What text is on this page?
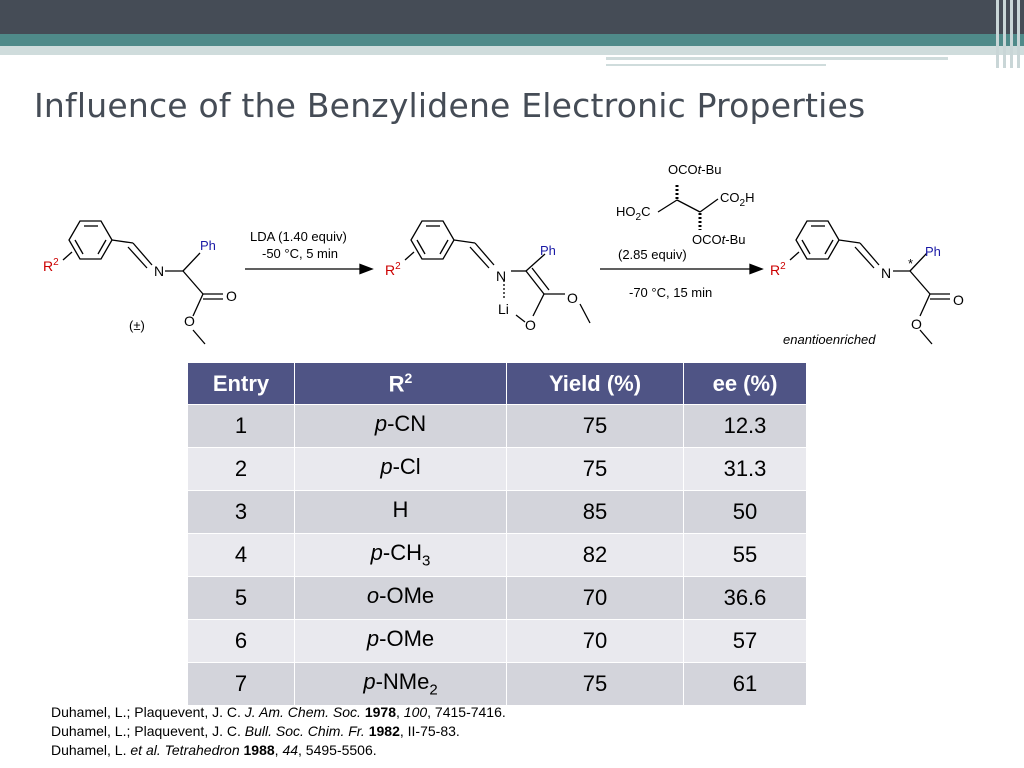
Influence of the Benzylidene Electronic Properties
$R^2$
Ph
N
O
O
(±)
LDA (1.40 equiv)
-50 °C, 5 min
$R^2$
Ph
N
O
Li
O
OCOt-Bu
$CO_2H$
$HO_2C$
OCOt-Bu
(2.85 equiv)
-70 °C, 15 min
$R^2$
Ph
N
*
O
O
enantioenriched
Entry	$R^2$	Yield (%)	ee (%)
1	p-CN	75	12.3
2	p-Cl	75	31.3
3	H	85	50
4	$p-CH_3$	82	55
5	o-OMe	70	36.6
6	p-OMe	70	57
7	p-NMe$_2$	75	61
Duhamel, L.; Plaquevent, J. C. J. Am. Chem. Soc. 1978, 100, 7415-7416.
Duhamel, L.; Plaquevent, J. C. Bull. Soc. Chim. Fr. 1982, II-75-83.
Duhamel, L. et al. Tetrahedron 1988, 44, 5495-5506.
